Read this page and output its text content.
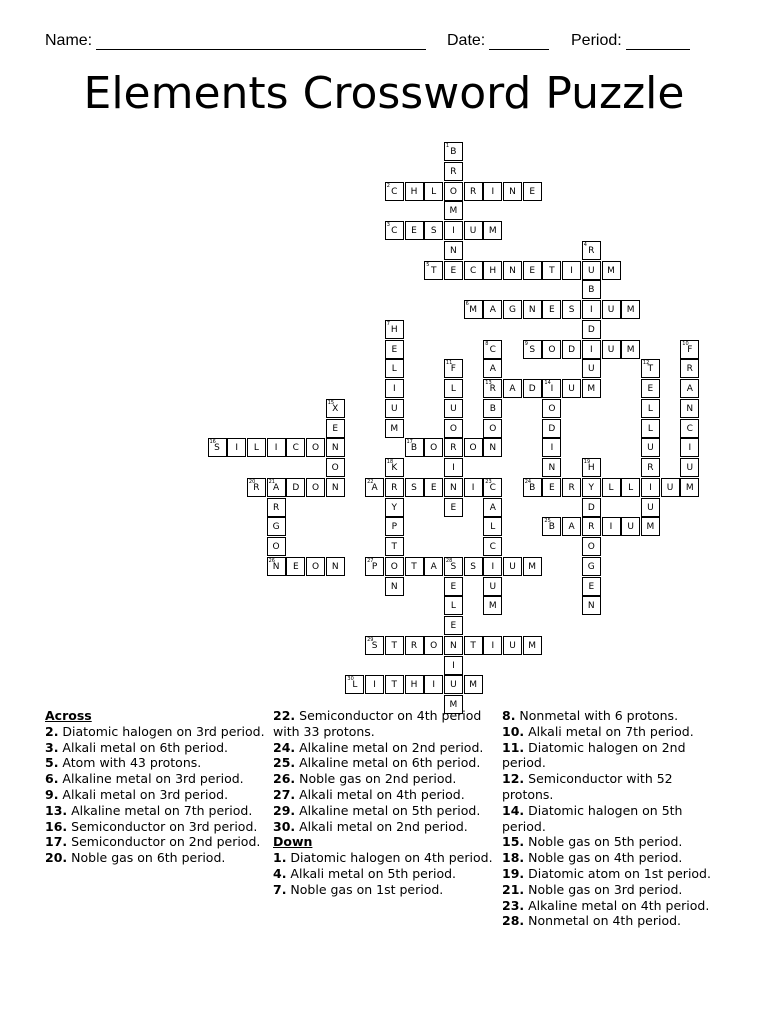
Name:	Date:	Period:
Elements Crossword Puzzle
1
B
R
O
M
I
N
E
2
C	H	L	R	I	N	E
3
C	E	S	U	M
4
R
U
B
I
D
I
U
M
5
T	C	H	N	E	T	I	M
6
M	A	G	N	E	S	U	M
7
H
E
L
I
U
M
8
C
A
13
R
B
O
N
9
S	O	D	U	M
10
F
R
A
N
C
I
U
M
11
F
L
U
O
R
I
N
E
12
T
E
L
L
U
R
I
U
M
A	D
14
I	U
O
D
I
N
E
15
X
E
N
O
N
16
S	I	L	I	C	O
17
B	O	O
18
K
R
Y
P
T
O
N
19
H
Y
D
R
O
G
E
N
20
R
21
A	D	O
R
G
O
26
N
22
A	S	E	I
23
C
A
L
C
I
U
M
24
B	R	L	L	U
25
B	A	I	U
E	O	N
27
P	T	A
28
S	S	U	M
E
L
E
N
I
U
M
29
S	T	R	O	T	I	U	M
30
L	I	T	H	I	M

Across

2. Diatomic halogen on 3rd period.

3. Alkali metal on 6th period.

5. Atom with 43 protons.

6. Alkaline metal on 3rd period.

9. Alkali metal on 3rd period.

13. Alkaline metal on 7th period.

16. Semiconductor on 3rd period.

17. Semiconductor on 2nd period.

20. Noble gas on 6th period.

22. Semiconductor on 4th period with 33 protons.

24. Alkaline metal on 2nd period.

25. Alkaline metal on 6th period.

26. Noble gas on 2nd period.

27. Alkali metal on 4th period.

29. Alkaline metal on 5th period.

30. Alkali metal on 2nd period.

Down

1. Diatomic halogen on 4th period.

4. Alkali metal on 5th period.

7. Noble gas on 1st period.

8. Nonmetal with 6 protons.

10. Alkali metal on 7th period.

11. Diatomic halogen on 2nd period.

12. Semiconductor with 52 protons.

14. Diatomic halogen on 5th period.

15. Noble gas on 5th period.

18. Noble gas on 4th period.

19. Diatomic atom on 1st period.

21. Noble gas on 3rd period.

23. Alkaline metal on 4th period.

28. Nonmetal on 4th period.
